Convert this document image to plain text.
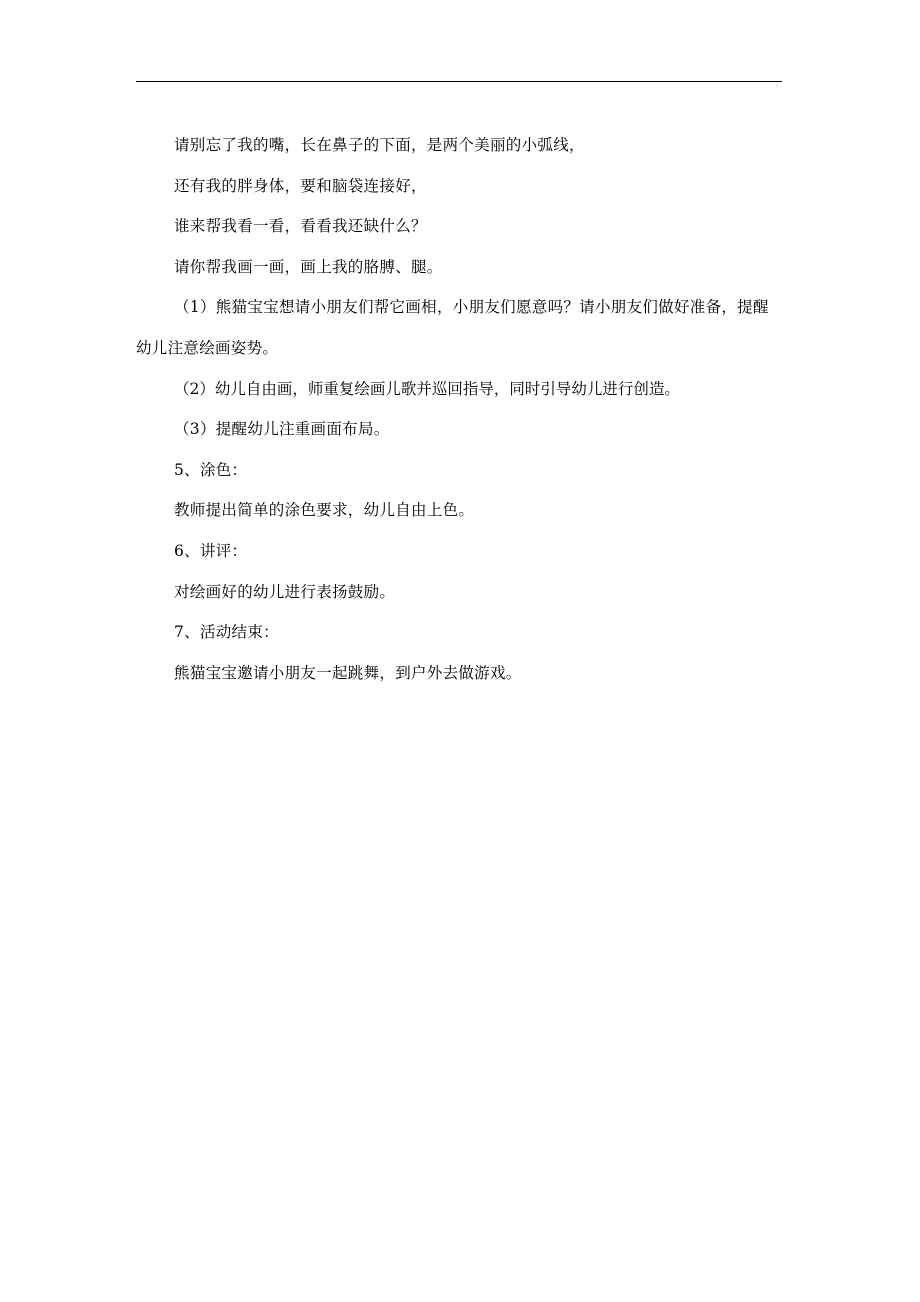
请别忘了我的嘴，长在鼻子的下面，是两个美丽的小弧线，

还有我的胖身体，要和脑袋连接好，

谁来帮我看一看，看看我还缺什么？

请你帮我画一画，画上我的胳膊、腿。

（1）熊猫宝宝想请小朋友们帮它画相，小朋友们愿意吗？请小朋友们做好准备，提醒幼儿注意绘画姿势。

（2）幼儿自由画，师重复绘画儿歌并巡回指导，同时引导幼儿进行创造。

（3）提醒幼儿注重画面布局。

5、涂色：

教师提出简单的涂色要求，幼儿自由上色。

6、讲评：

对绘画好的幼儿进行表扬鼓励。

7、活动结束：

熊猫宝宝邀请小朋友一起跳舞，到户外去做游戏。
